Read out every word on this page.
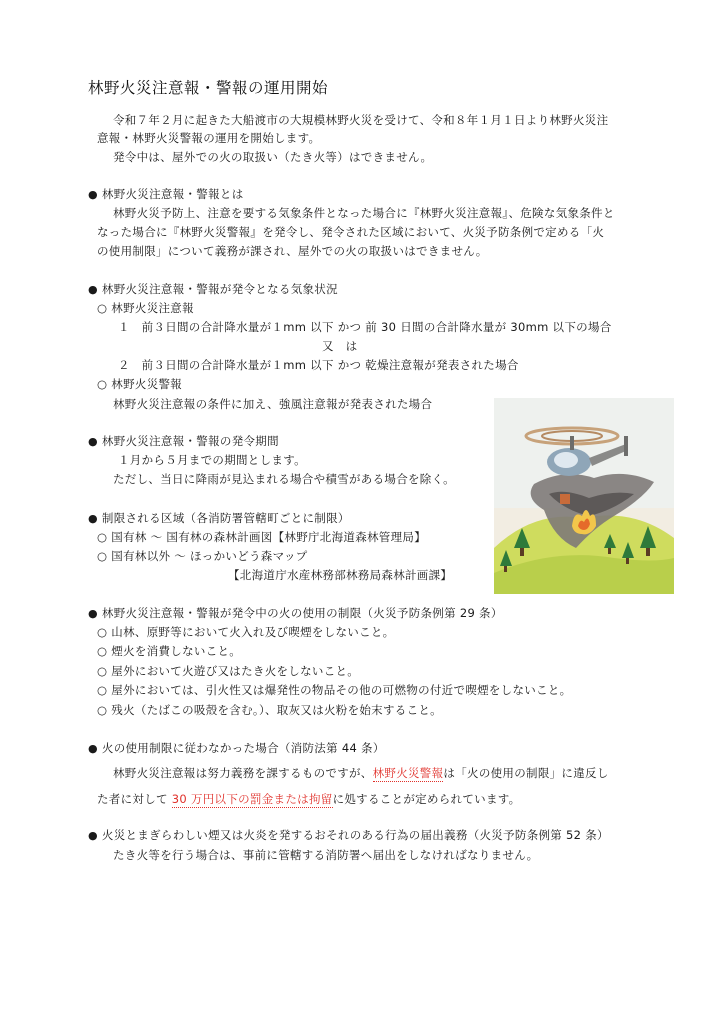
林野火災注意報・警報の運用開始
令和７年２月に起きた大船渡市の大規模林野火災を受けて、令和８年１月１日より林野火災注
意報・林野火災警報の運用を開始します。
発令中は、屋外での火の取扱い（たき火等）はできません。
● 林野火災注意報・警報とは
林野火災予防上、注意を要する気象条件となった場合に『林野火災注意報』、危険な気象条件と
なった場合に『林野火災警報』を発令し、発令された区域において、火災予防条例で定める「火
の使用制限」について義務が課され、屋外での火の取扱いはできません。
● 林野火災注意報・警報が発令となる気象状況
○ 林野火災注意報
１　前３日間の合計降水量が１mm 以下 かつ 前 30 日間の合計降水量が 30mm 以下の場合
又　は
２　前３日間の合計降水量が１mm 以下 かつ 乾燥注意報が発表された場合
○ 林野火災警報
林野火災注意報の条件に加え、強風注意報が発表された場合
● 林野火災注意報・警報の発令期間
１月から５月までの期間とします。
ただし、当日に降雨が見込まれる場合や積雪がある場合を除く。
● 制限される区域（各消防署管轄町ごとに制限）
○ 国有林 ～ 国有林の森林計画図【林野庁北海道森林管理局】
○ 国有林以外 ～ ほっかいどう森マップ
【北海道庁水産林務部林務局森林計画課】
● 林野火災注意報・警報が発令中の火の使用の制限（火災予防条例第 29 条）
○ 山林、原野等において火入れ及び喫煙をしないこと。
○ 煙火を消費しないこと。
○ 屋外において火遊び又はたき火をしないこと。
○ 屋外においては、引火性又は爆発性の物品その他の可燃物の付近で喫煙をしないこと。
○ 残火（たばこの吸殻を含む。）、取灰又は火粉を始末すること。
● 火の使用制限に従わなかった場合（消防法第 44 条）
林野火災注意報は努力義務を課するものですが、林野火災警報は「火の使用の制限」に違反し
た者に対して 30 万円以下の罰金または拘留に処することが定められています。
● 火災とまぎらわしい煙又は火炎を発するおそれのある行為の届出義務（火災予防条例第 52 条）
たき火等を行う場合は、事前に管轄する消防署へ届出をしなければなりません。
